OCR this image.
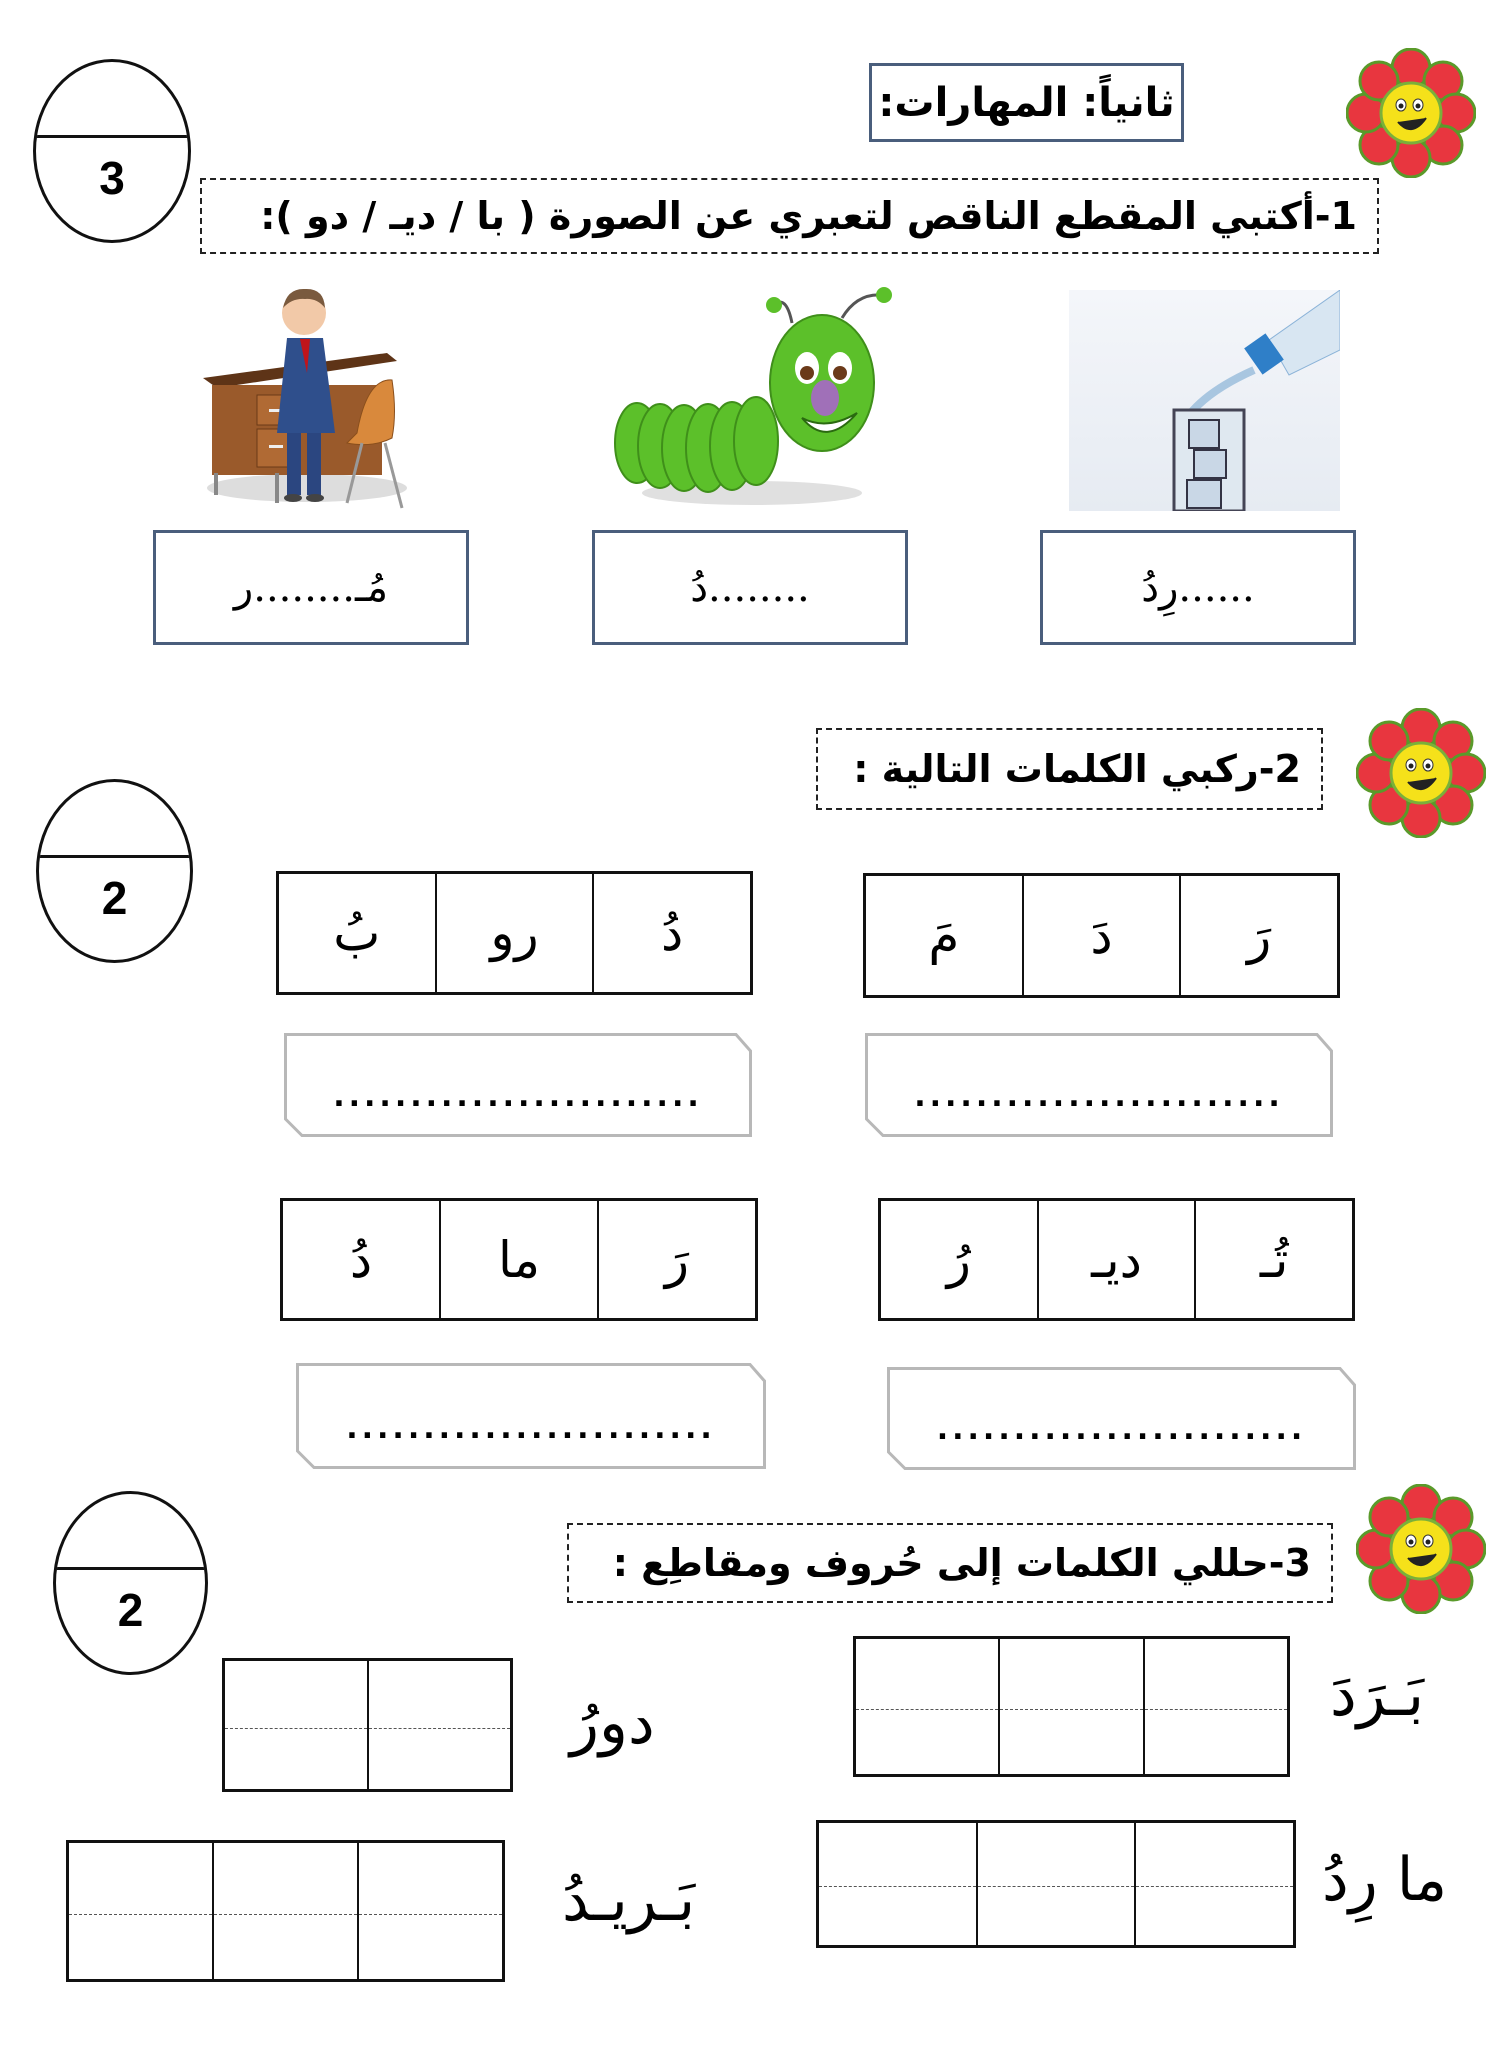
ثانياً: المهارات:
3
1-أكتبي المقطع الناقص لتعبري عن الصورة ( با / ديـ / دو ):
مُـ........ر	........دُ	......رِدُ
2-ركبي الكلمات التالية :
2
مَ	دَ	رَ
بُ	رو	دُ
........................
........................
رُ	ديـ	تُـ
دُ	ما	رَ
........................
........................
3-حللي الكلمات إلى حُروف ومقاطِع :
2
بَـرَدَ
دورُ
ما رِدُ
بَـريـدُ
